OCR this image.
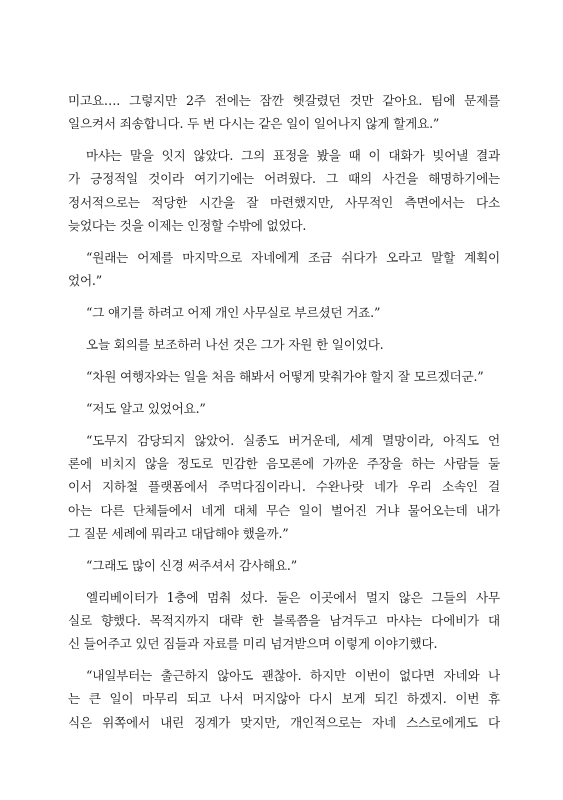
미고요…. 그렇지만 2주 전에는 잠깐 헷갈렸던 것만 같아요. 팀에 문제를
일으켜서 죄송합니다. 두 번 다시는 같은 일이 일어나지 않게 할게요.”
마샤는 말을 잇지 않았다. 그의 표정을 봤을 때 이 대화가 빚어낼 결과
가 긍정적일 것이라 여기기에는 어려웠다. 그 때의 사건을 해명하기에는
정서적으로는 적당한 시간을 잘 마련했지만, 사무적인 측면에서는 다소
늦었다는 것을 이제는 인정할 수밖에 없었다.
“원래는 어제를 마지막으로 자네에게 조금 쉬다가 오라고 말할 계획이
었어.”
“그 얘기를 하려고 어제 개인 사무실로 부르셨던 거죠.”
오늘 회의를 보조하러 나선 것은 그가 자원 한 일이었다.
“차원 여행자와는 일을 처음 해봐서 어떻게 맞춰가야 할지 잘 모르겠더군.”
“저도 알고 있었어요.”
“도무지 감당되지 않았어. 실종도 버거운데, 세계 멸망이라, 아직도 언
론에 비치지 않을 정도로 민감한 음모론에 가까운 주장을 하는 사람들 둘
이서 지하철 플랫폼에서 주먹다짐이라니. 수완나랏 네가 우리 소속인 걸
아는 다른 단체들에서 네게 대체 무슨 일이 벌어진 거냐 물어오는데 내가
그 질문 세례에 뭐라고 대답해야 했을까.”
“그래도 많이 신경 써주셔서 감사해요.”
엘리베이터가 1층에 멈춰 섰다. 둘은 이곳에서 멀지 않은 그들의 사무
실로 향했다. 목적지까지 대략 한 블록쯤을 남겨두고 마샤는 다에비가 대
신 들어주고 있던 짐들과 자료를 미리 넘겨받으며 이렇게 이야기했다.
“내일부터는 출근하지 않아도 괜찮아. 하지만 이번이 없다면 자네와 나
는 큰 일이 마무리 되고 나서 머지않아 다시 보게 되긴 하겠지. 이번 휴
식은 위쪽에서 내린 징계가 맞지만, 개인적으로는 자네 스스로에게도 다
